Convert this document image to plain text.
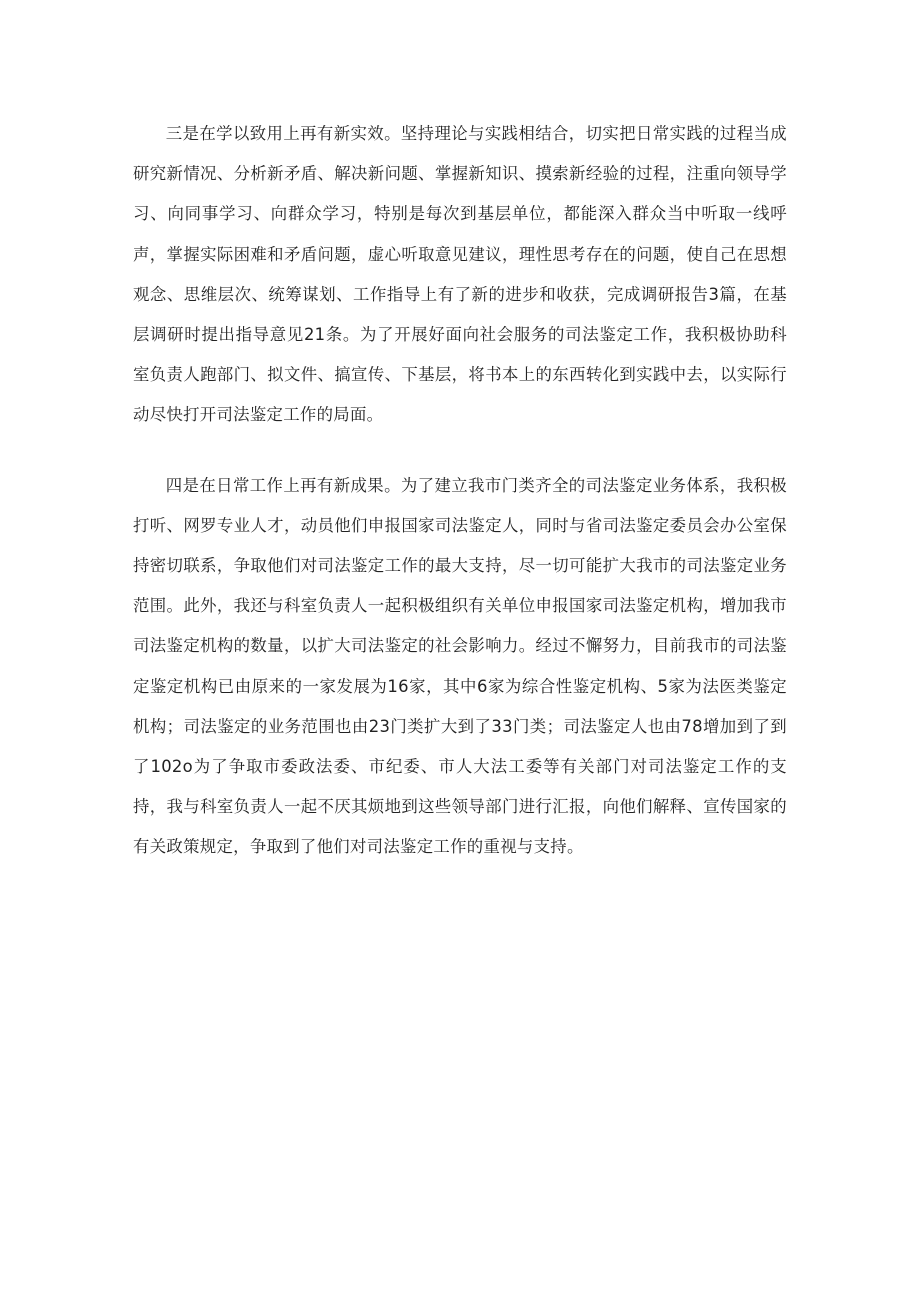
三是在学以致用上再有新实效。坚持理论与实践相结合，切实把日常实践的过程当成研究新情况、分析新矛盾、解决新问题、掌握新知识、摸索新经验的过程，注重向领导学习、向同事学习、向群众学习，特别是每次到基层单位，都能深入群众当中听取一线呼声，掌握实际困难和矛盾问题，虚心听取意见建议，理性思考存在的问题，使自己在思想观念、思维层次、统筹谋划、工作指导上有了新的进步和收获，完成调研报告3篇，在基层调研时提出指导意见21条。为了开展好面向社会服务的司法鉴定工作，我积极协助科室负责人跑部门、拟文件、搞宣传、下基层，将书本上的东西转化到实践中去，以实际行动尽快打开司法鉴定工作的局面。

四是在日常工作上再有新成果。为了建立我市门类齐全的司法鉴定业务体系，我积极打听、网罗专业人才，动员他们申报国家司法鉴定人，同时与省司法鉴定委员会办公室保持密切联系，争取他们对司法鉴定工作的最大支持，尽一切可能扩大我市的司法鉴定业务范围。此外，我还与科室负责人一起积极组织有关单位申报国家司法鉴定机构，增加我市司法鉴定机构的数量，以扩大司法鉴定的社会影响力。经过不懈努力，目前我市的司法鉴定鉴定机构已由原来的一家发展为16家，其中6家为综合性鉴定机构、5家为法医类鉴定机构；司法鉴定的业务范围也由23门类扩大到了33门类；司法鉴定人也由78增加到了到了102o为了争取市委政法委、市纪委、市人大法工委等有关部门对司法鉴定工作的支持，我与科室负责人一起不厌其烦地到这些领导部门进行汇报，向他们解释、宣传国家的有关政策规定，争取到了他们对司法鉴定工作的重视与支持。
